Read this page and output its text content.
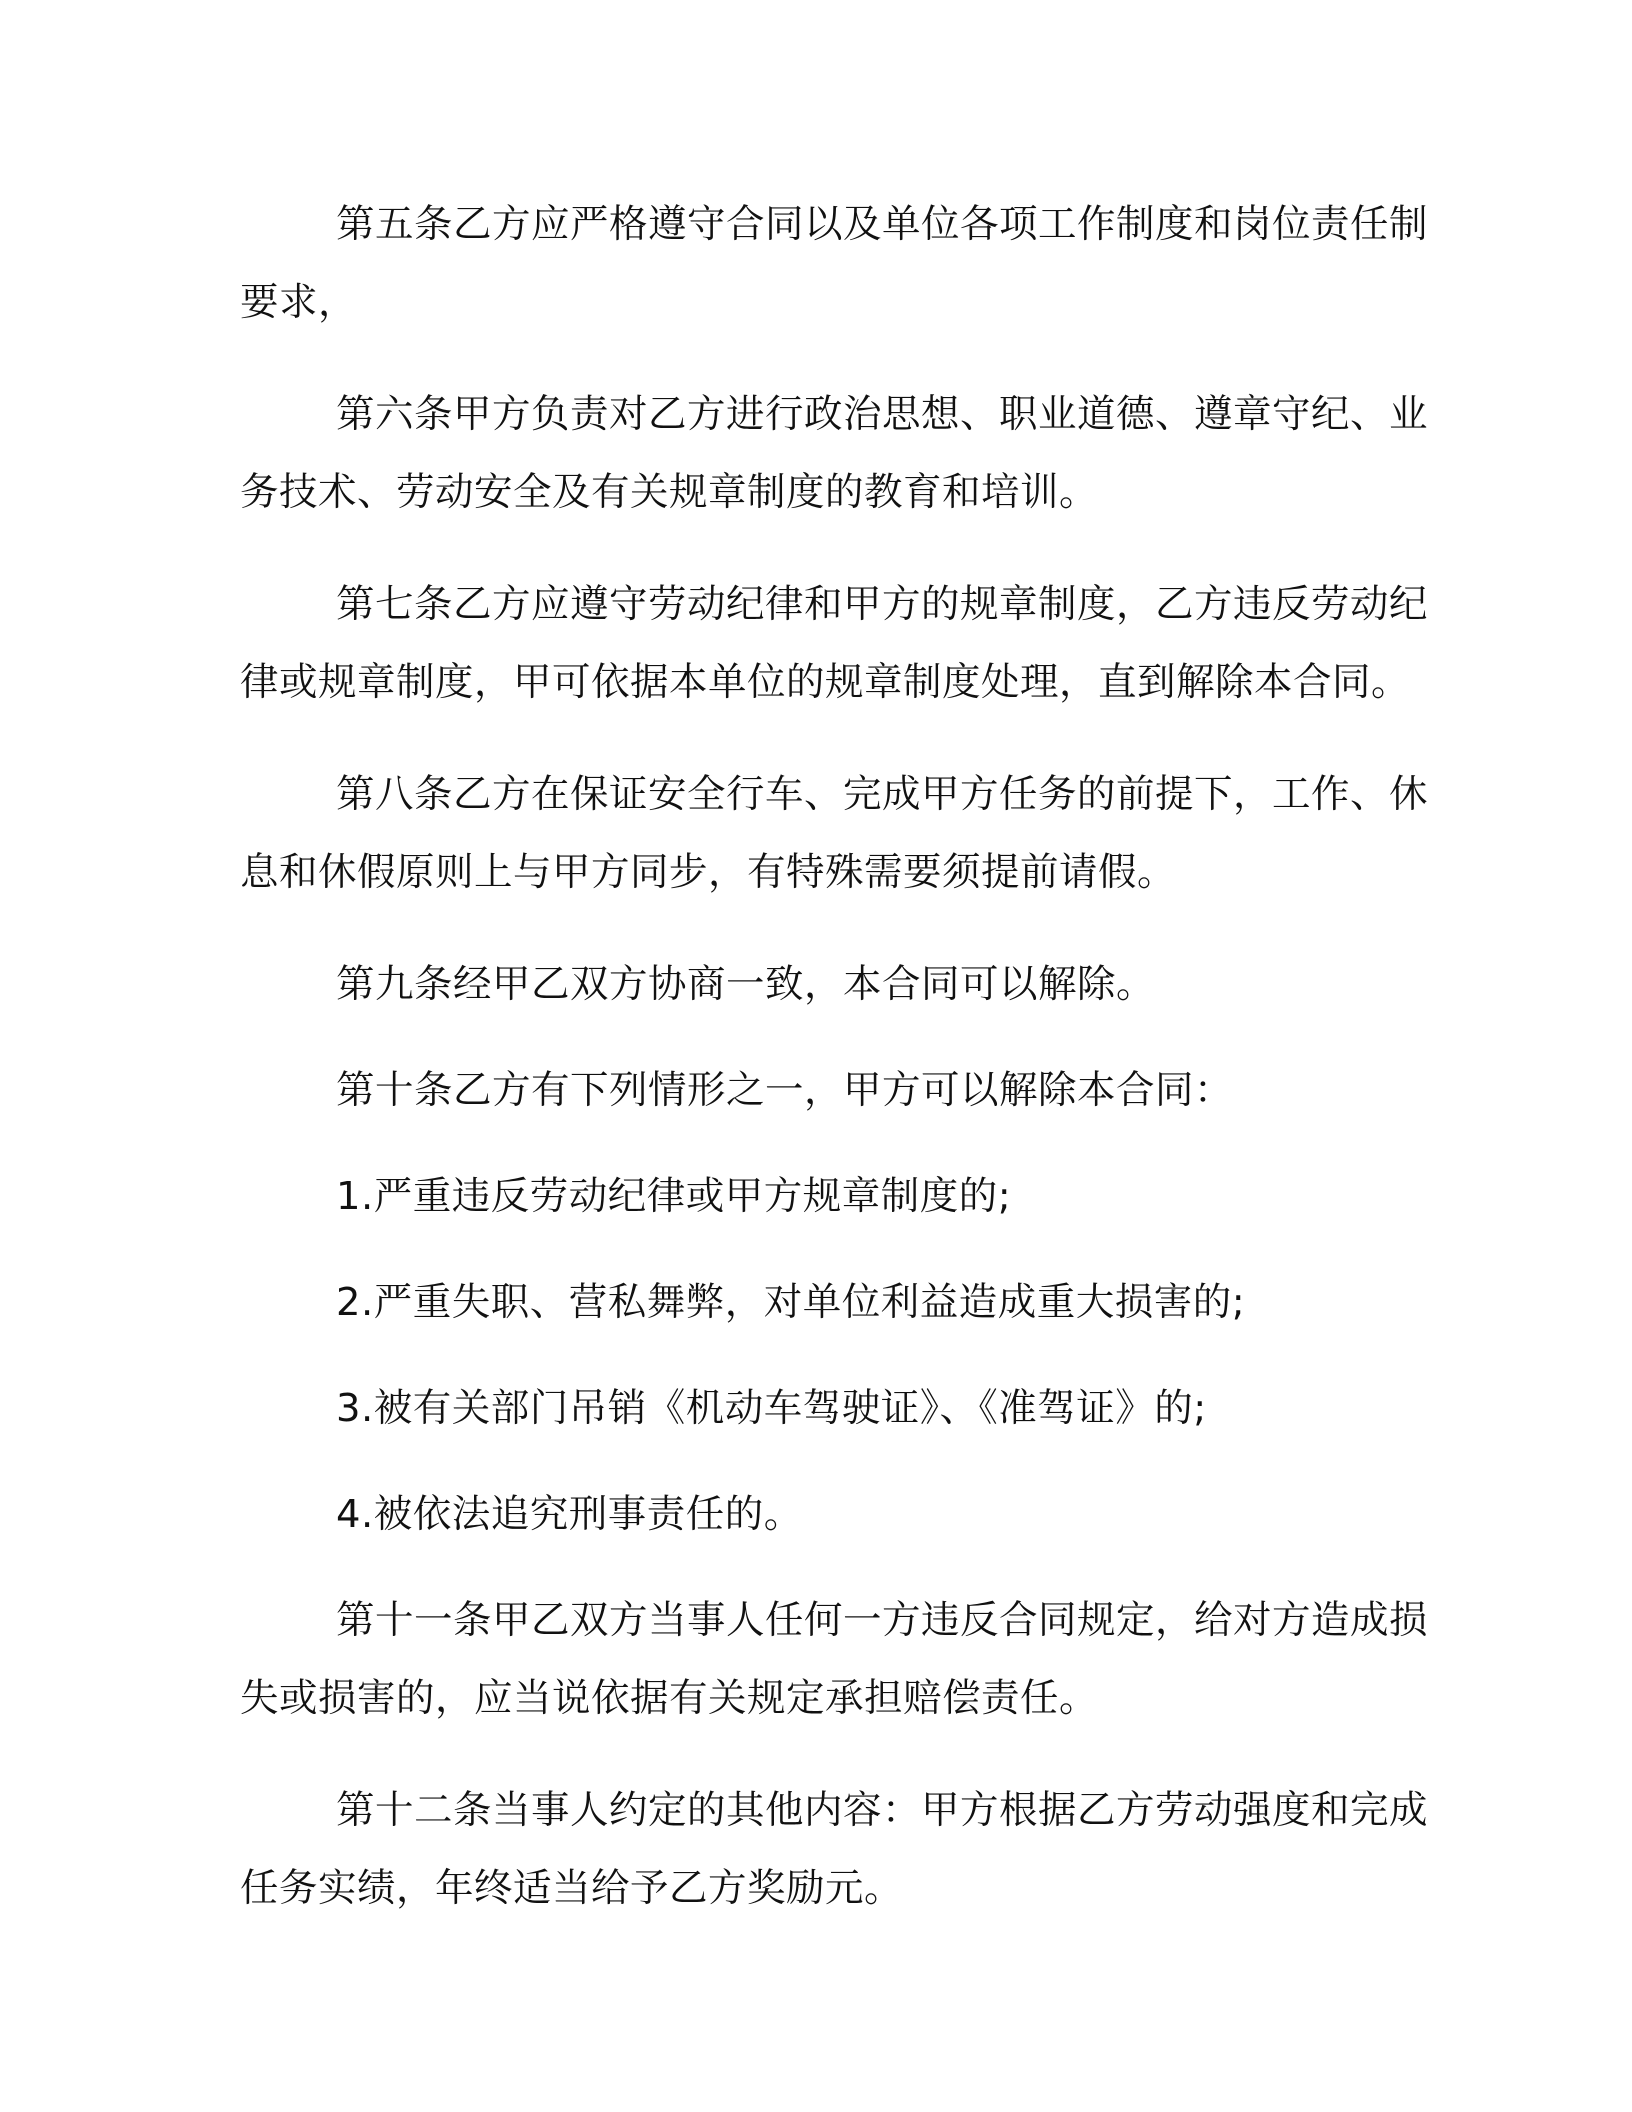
第五条乙方应严格遵守合同以及单位各项工作制度和岗位责任制
要求，

第六条甲方负责对乙方进行政治思想、职业道德、遵章守纪、业
务技术、劳动安全及有关规章制度的教育和培训。

第七条乙方应遵守劳动纪律和甲方的规章制度，乙方违反劳动纪
律或规章制度，甲可依据本单位的规章制度处理，直到解除本合同。

第八条乙方在保证安全行车、完成甲方任务的前提下，工作、休
息和休假原则上与甲方同步，有特殊需要须提前请假。

第九条经甲乙双方协商一致，本合同可以解除。

第十条乙方有下列情形之一，甲方可以解除本合同：

1.严重违反劳动纪律或甲方规章制度的;

2.严重失职、营私舞弊，对单位利益造成重大损害的;

3.被有关部门吊销《机动车驾驶证》、《准驾证》的;

4.被依法追究刑事责任的。

第十一条甲乙双方当事人任何一方违反合同规定，给对方造成损
失或损害的，应当说依据有关规定承担赔偿责任。

第十二条当事人约定的其他内容：甲方根据乙方劳动强度和完成
任务实绩，年终适当给予乙方奖励元。
